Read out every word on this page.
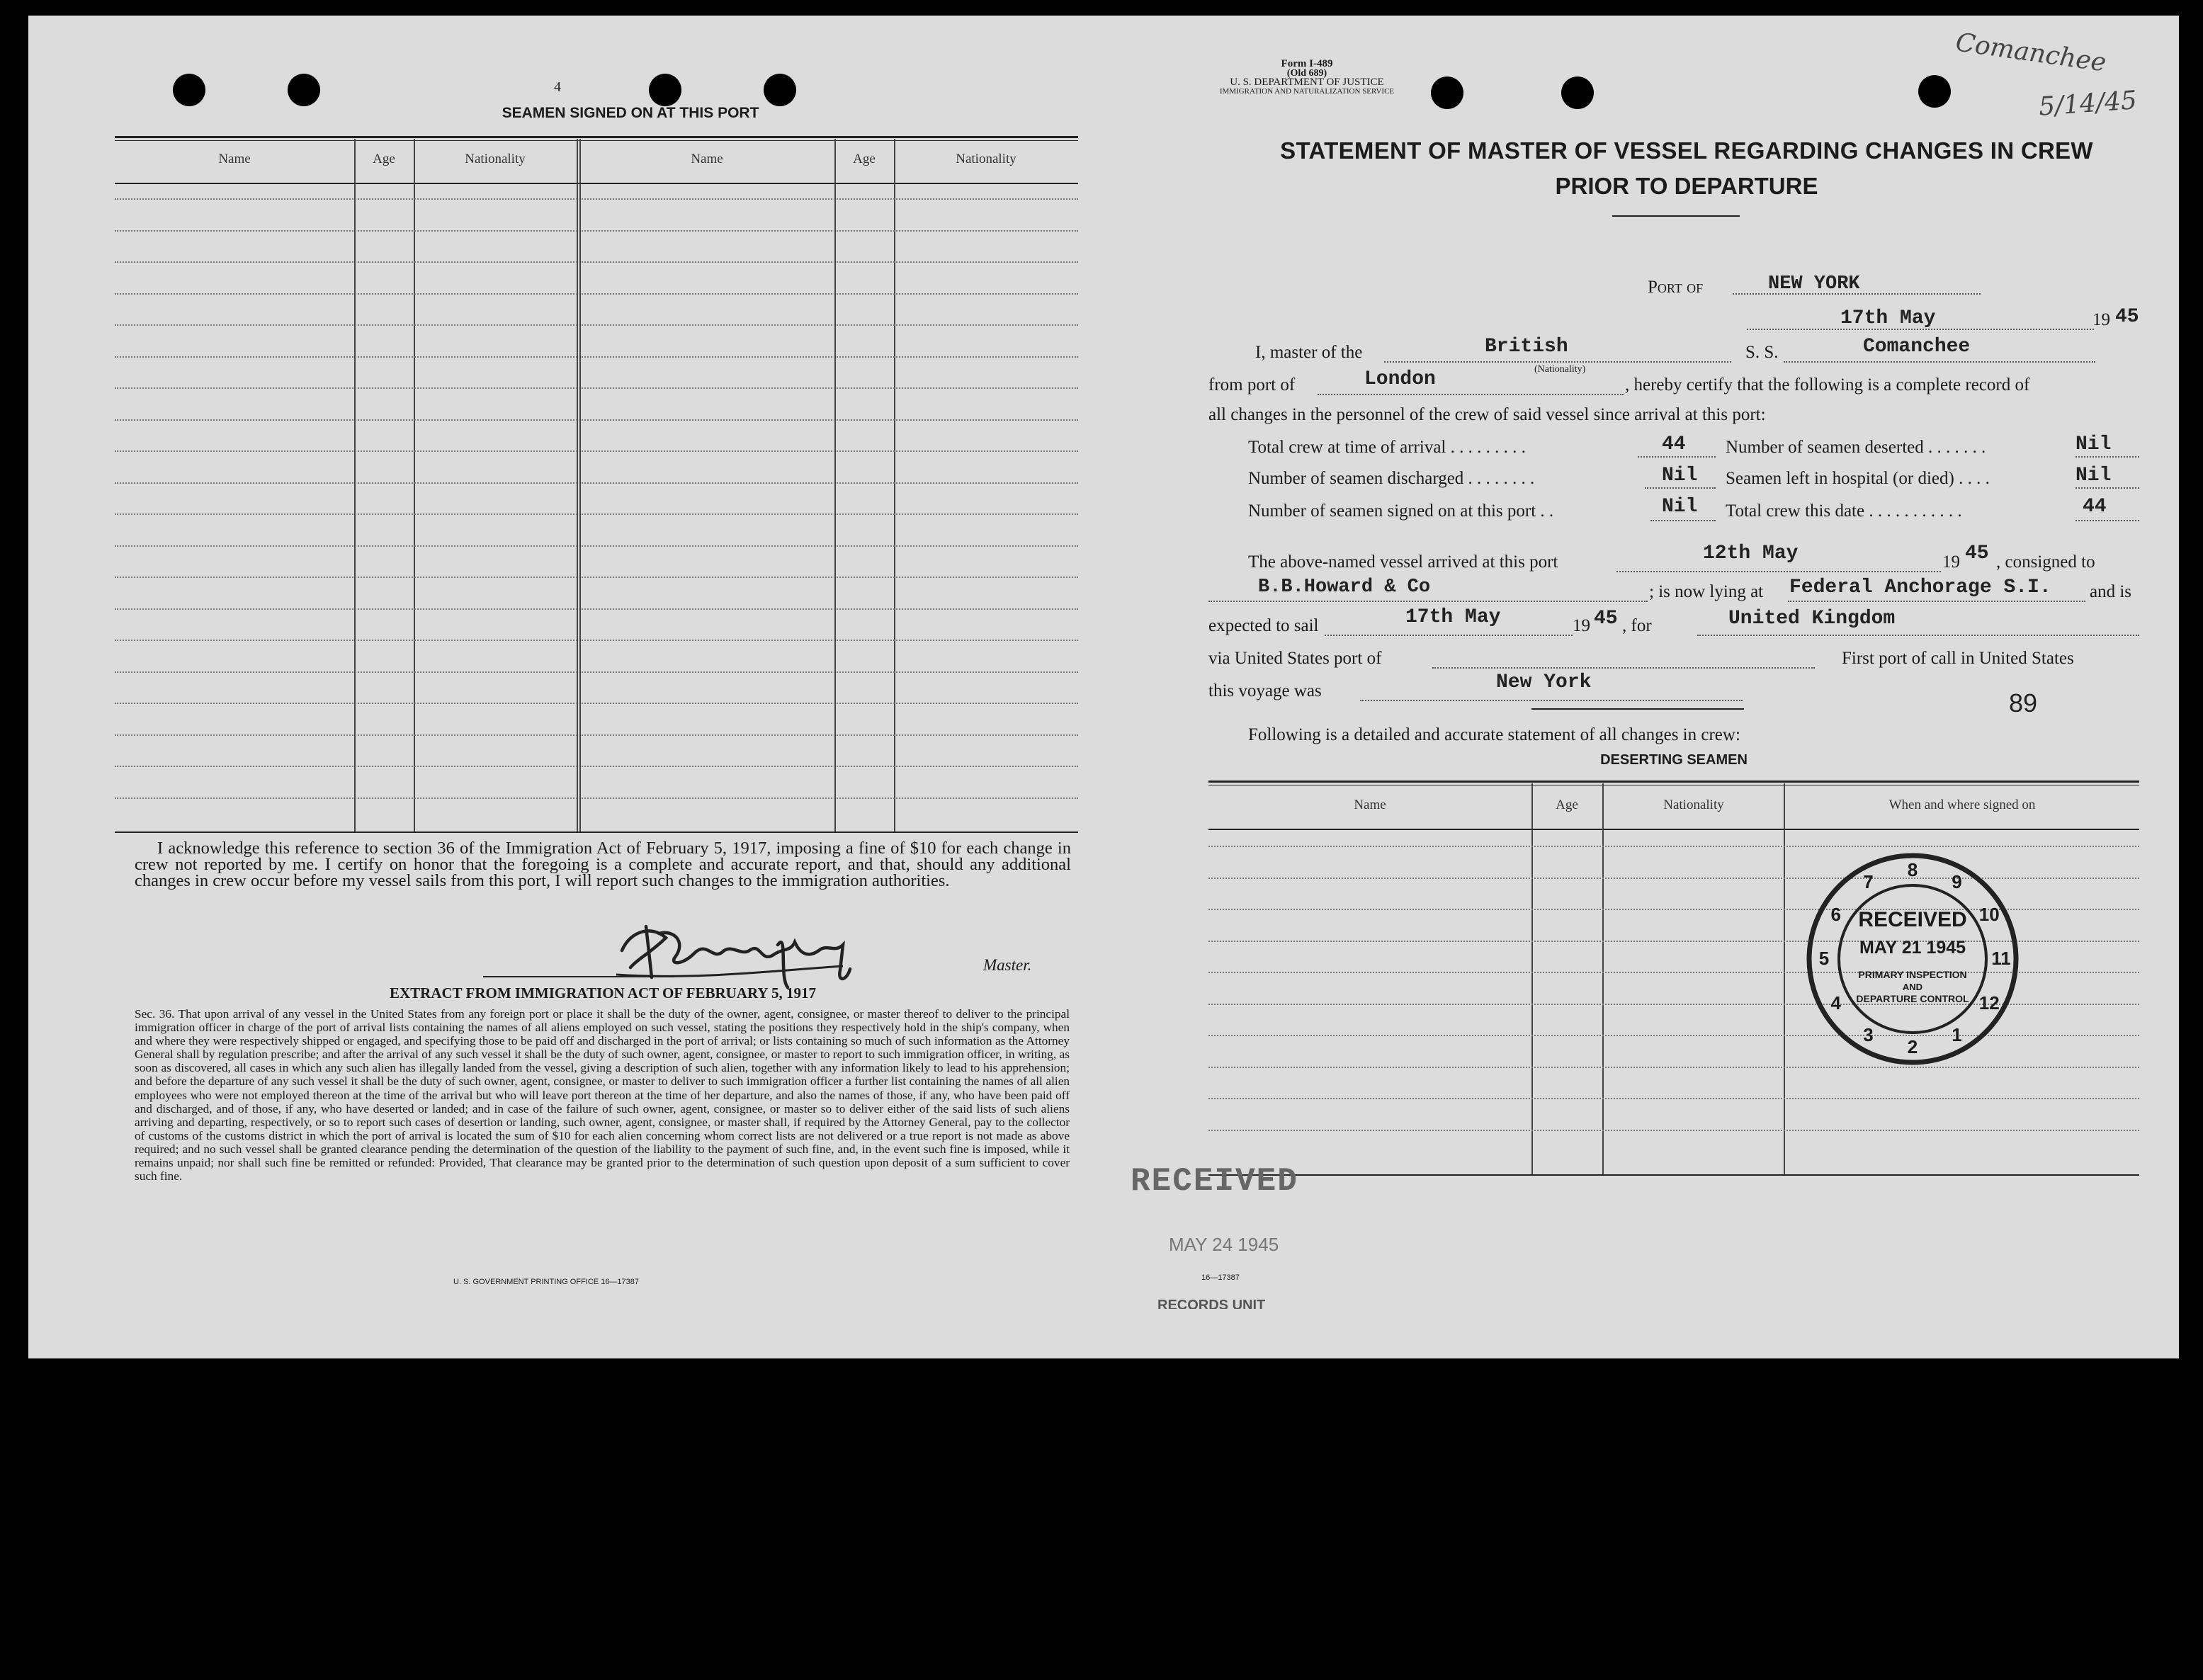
4
SEAMEN SIGNED ON AT THIS PORT
Name	Age	Nationality	Name	Age	Nationality
I acknowledge this reference to section 36 of the Immigration Act of February 5, 1917, imposing a fine of $10 for each change in crew not reported by me. I certify on honor that the foregoing is a complete and accurate report, and that, should any additional changes in crew occur before my vessel sails from this port, I will report such changes to the immigration authorities.
Master.
EXTRACT FROM IMMIGRATION ACT OF FEBRUARY 5, 1917
Sec. 36. That upon arrival of any vessel in the United States from any foreign port or place it shall be the duty of the owner, agent, consignee, or master thereof to deliver to the principal immigration officer in charge of the port of arrival lists containing the names of all aliens employed on such vessel, stating the positions they respectively hold in the ship's company, when and where they were respectively shipped or engaged, and specifying those to be paid off and discharged in the port of arrival; or lists containing so much of such information as the Attorney General shall by regulation prescribe; and after the arrival of any such vessel it shall be the duty of such owner, agent, consignee, or master to report to such immigration officer, in writing, as soon as discovered, all cases in which any such alien has illegally landed from the vessel, giving a description of such alien, together with any information likely to lead to his apprehension; and before the departure of any such vessel it shall be the duty of such owner, agent, consignee, or master to deliver to such immigration officer a further list containing the names of all alien employees who were not employed thereon at the time of the arrival but who will leave port thereon at the time of her departure, and also the names of those, if any, who have been paid off and discharged, and of those, if any, who have deserted or landed; and in case of the failure of such owner, agent, consignee, or master so to deliver either of the said lists of such aliens arriving and departing, respectively, or so to report such cases of desertion or landing, such owner, agent, consignee, or master shall, if required by the Attorney General, pay to the collector of customs of the customs district in which the port of arrival is located the sum of $10 for each alien concerning whom correct lists are not delivered or a true report is not made as above required; and no such vessel shall be granted clearance pending the determination of the question of the liability to the payment of such fine, and, in the event such fine is imposed, while it remains unpaid; nor shall such fine be remitted or refunded: Provided, That clearance may be granted prior to the determination of such question upon deposit of a sum sufficient to cover such fine.
U. S. GOVERNMENT PRINTING OFFICE 16—17387
Form I-489
(Old 689)
U. S. DEPARTMENT OF JUSTICE
IMMIGRATION AND NATURALIZATION SERVICE
Comanchee
5/14/45
STATEMENT OF MASTER OF VESSEL REGARDING CHANGES IN CREW
PRIOR TO DEPARTURE
Port of	NEW YORK
17th May	19 45
I, master of the	British
(Nationality)
S. S.	Comanchee
from port of	London	, hereby certify that the following is a complete record of
all changes in the personnel of the crew of said vessel since arrival at this port:
Total crew at time of arrival . . . . . . . . .	44 Number of seamen deserted . . . . . . .	Nil
Number of seamen discharged . . . . . . . .	Nil Seamen left in hospital (or died) . . . .	Nil
Number of seamen signed on at this port . .	Nil Total crew this date . . . . . . . . . . .	44
The above-named vessel arrived at this port	12th May	19 45 , consigned to
B.B.Howard & Co	; is now lying at Federal Anchorage S.I. and is
expected to sail	17th May	19 45 , for	United Kingdom
via United States port of	First port of call in United States
this voyage was	New York
89
Following is a detailed and accurate statement of all changes in crew:
DESERTING SEAMEN
Name	Age	Nationality	When and where signed on
9
10
11
12
1
2
3
4
5
6
7
8
RECEIVED
MAY 21 1945
PRIMARY INSPECTION
AND
DEPARTURE CONTROL
RECEIVED
MAY 24 1945
16—17387
RECORDS UNIT
